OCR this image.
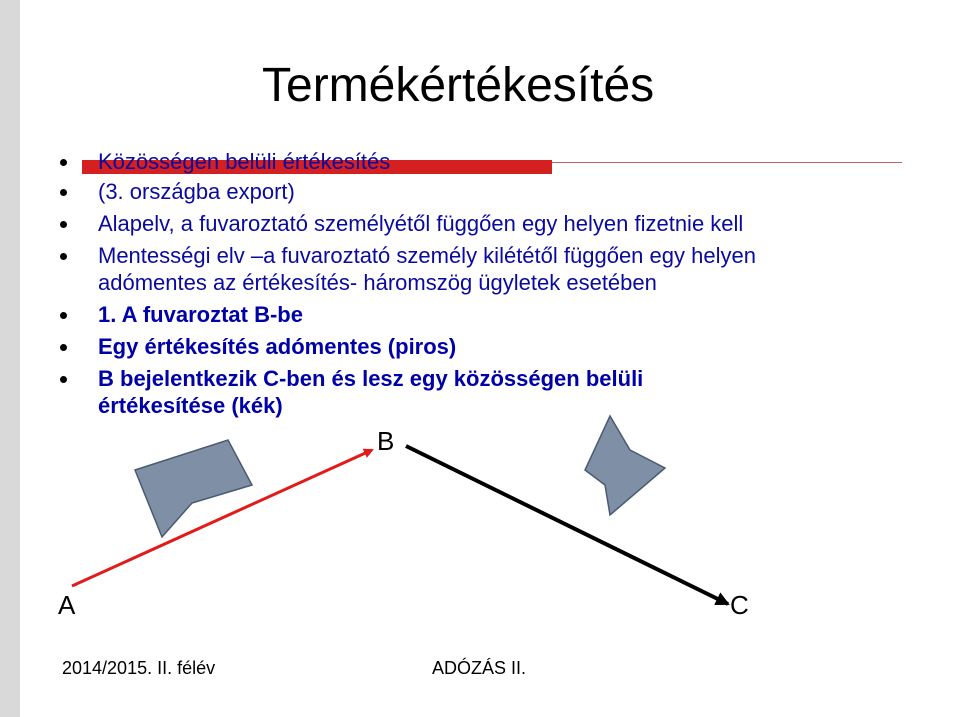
Termékértékesítés
Közösségen belüli értékesítés
(3. országba export)
Alapelv, a fuvaroztató személyétől függően egy helyen fizetnie kell
Mentességi elv –a fuvaroztató személy kilététől függően egy helyen
adómentes az értékesítés- háromszög ügyletek esetében
1. A fuvaroztat B-be
Egy értékesítés adómentes (piros)
B bejelentkezik C-ben és lesz egy közösségen belüli
értékesítése (kék)
A
B
C
2014/2015. II. félév	ADÓZÁS II.
